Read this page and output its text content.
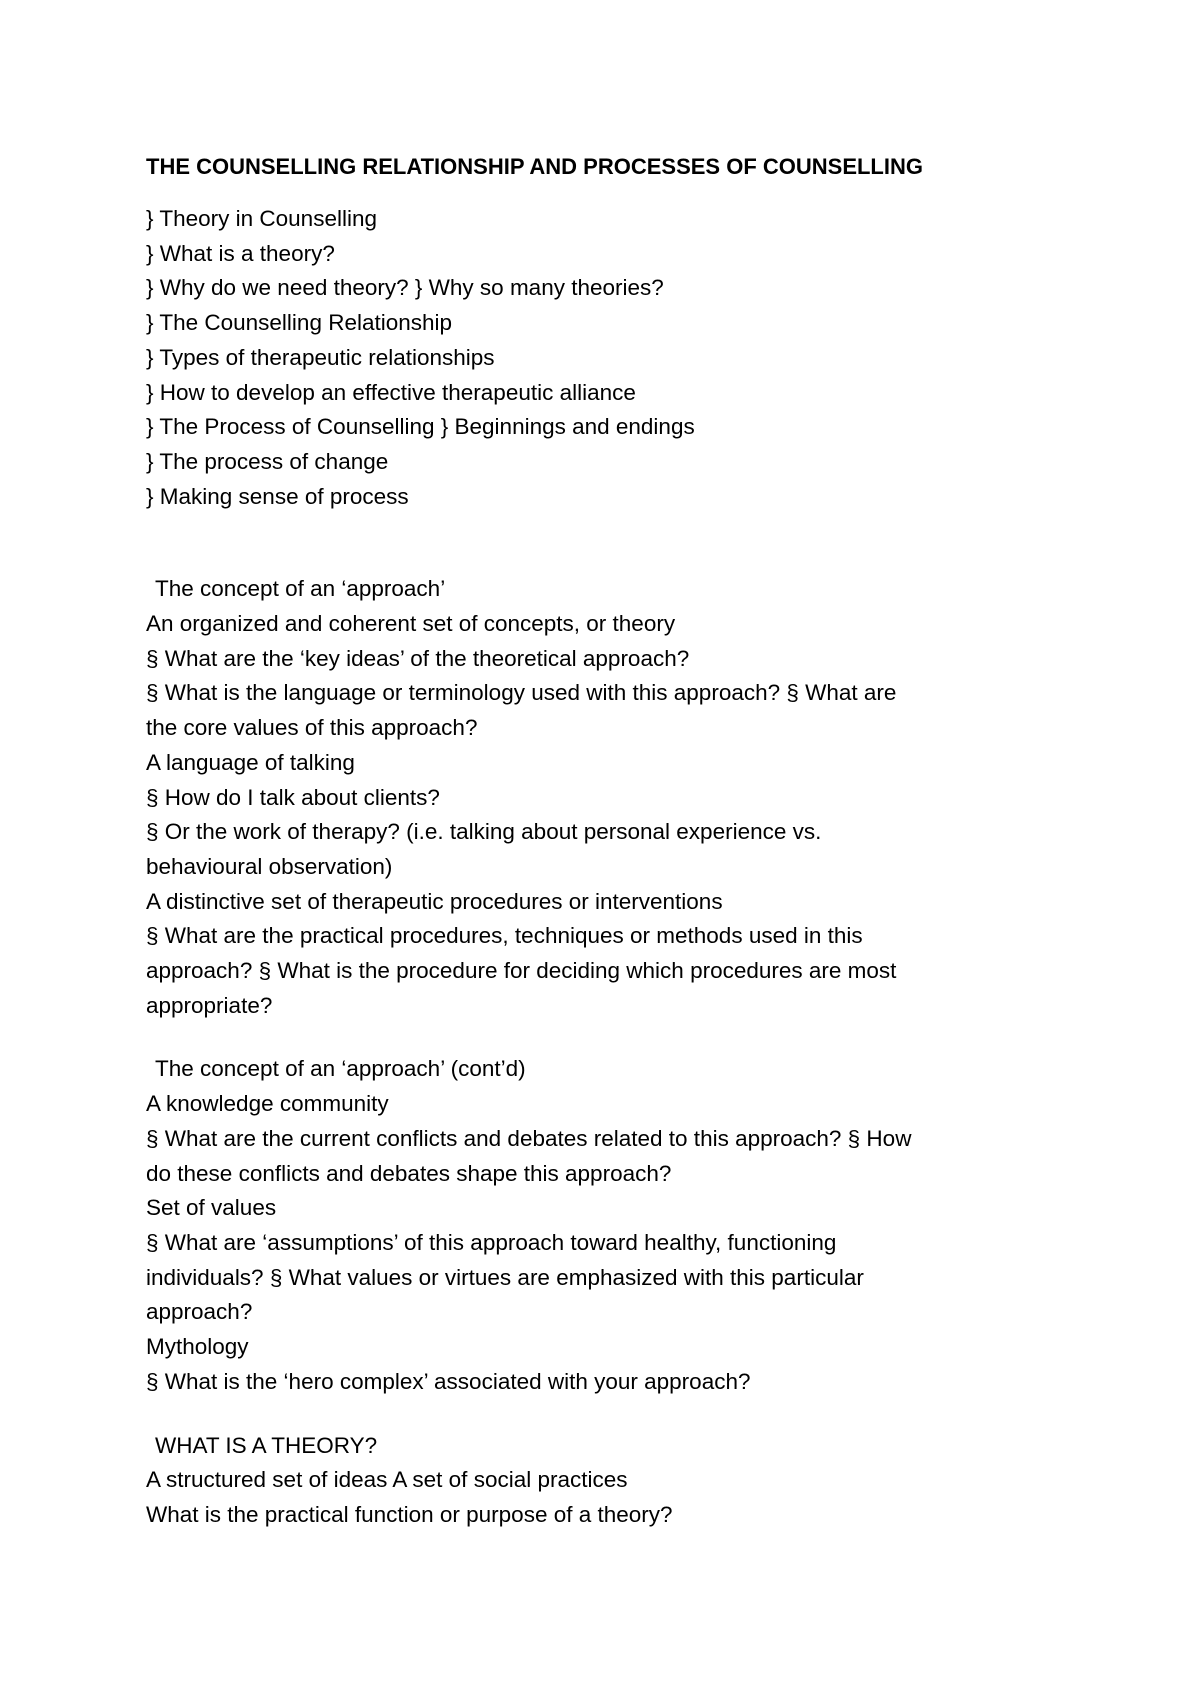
THE COUNSELLING RELATIONSHIP AND PROCESSES OF COUNSELLING
} Theory in Counselling
} What is a theory?
} Why do we need theory? } Why so many theories?
} The Counselling Relationship
} Types of therapeutic relationships
} How to develop an effective therapeutic alliance
} The Process of Counselling } Beginnings and endings
} The process of change
} Making sense of process
The concept of an ‘approach’
An organized and coherent set of concepts, or theory
§ What are the ‘key ideas’ of the theoretical approach?
§ What is the language or terminology used with this approach? § What are
the core values of this approach?
A language of talking
§ How do I talk about clients?
§ Or the work of therapy? (i.e. talking about personal experience vs.
behavioural observation)
A distinctive set of therapeutic procedures or interventions
§ What are the practical procedures, techniques or methods used in this
approach? § What is the procedure for deciding which procedures are most
appropriate?
The concept of an ‘approach’ (cont’d)
A knowledge community
§ What are the current conflicts and debates related to this approach? § How
do these conflicts and debates shape this approach?
Set of values
§ What are ‘assumptions’ of this approach toward healthy, functioning
individuals? § What values or virtues are emphasized with this particular
approach?
Mythology
§ What is the ‘hero complex’ associated with your approach?
WHAT IS A THEORY?
A structured set of ideas A set of social practices
What is the practical function or purpose of a theory?
